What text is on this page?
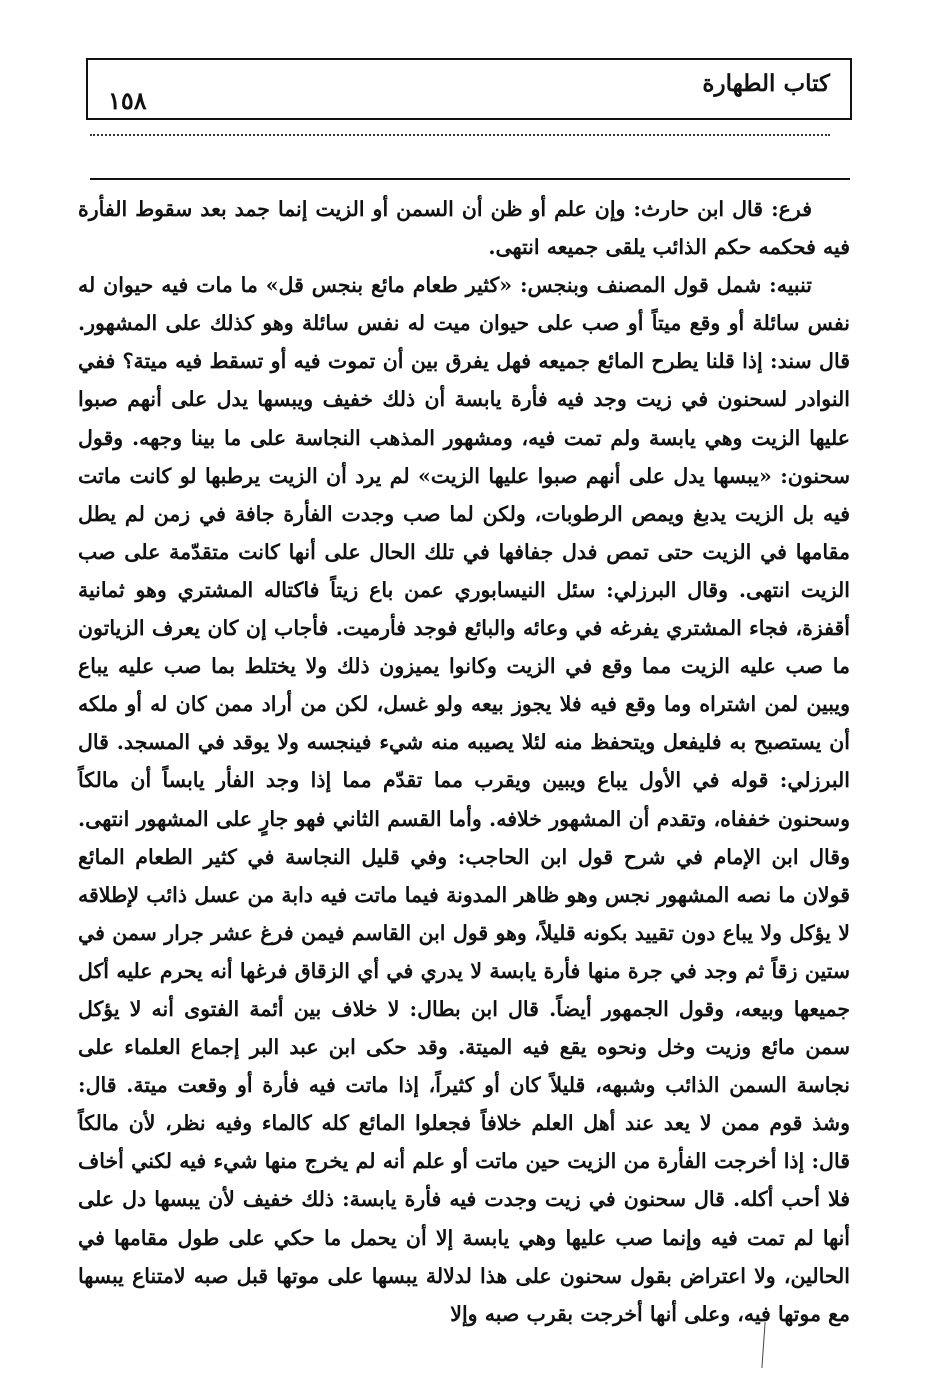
كتاب الطهارة
١٥٨

فرع: قال ابن حارث: وإن علم أو ظن أن السمن أو الزيت إنما جمد بعد سقوط الفأرة فيه فحكمه حكم الذائب يلقى جميعه انتهى.

تنبيه: شمل قول المصنف وبنجس: «كثير طعام مائع بنجس قل» ما مات فيه حيوان له نفس سائلة أو وقع ميتاً أو صب على حيوان ميت له نفس سائلة وهو كذلك على المشهور. قال سند: إذا قلنا يطرح المائع جميعه فهل يفرق بين أن تموت فيه أو تسقط فيه ميتة؟ ففي النوادر لسحنون في زيت وجد فيه فأرة يابسة أن ذلك خفيف ويبسها يدل على أنهم صبوا عليها الزيت وهي يابسة ولم تمت فيه، ومشهور المذهب النجاسة على ما بينا وجهه. وقول سحنون: «يبسها يدل على أنهم صبوا عليها الزيت» لم يرد أن الزيت يرطبها لو كانت ماتت فيه بل الزيت يدبغ ويمص الرطوبات، ولكن لما صب وجدت الفأرة جافة في زمن لم يطل مقامها في الزيت حتى تمص فدل جفافها في تلك الحال على أنها كانت متقدّمة على صب الزيت انتهى. وقال البرزلي: سئل النيسابوري عمن باع زيتاً فاكتاله المشتري وهو ثمانية أقفزة، فجاء المشتري يفرغه في وعائه والبائع فوجد فأرميت. فأجاب إن كان يعرف الزياتون ما صب عليه الزيت مما وقع في الزيت وكانوا يميزون ذلك ولا يختلط بما صب عليه يباع ويبين لمن اشتراه وما وقع فيه فلا يجوز بيعه ولو غسل، لكن من أراد ممن كان له أو ملكه أن يستصبح به فليفعل ويتحفظ منه لئلا يصيبه منه شيء فينجسه ولا يوقد في المسجد. قال البرزلي: قوله في الأول يباع ويبين ويقرب مما تقدّم مما إذا وجد الفأر يابساً أن مالكاً وسحنون خففاه، وتقدم أن المشهور خلافه. وأما القسم الثاني فهو جارٍ على المشهور انتهى. وقال ابن الإمام في شرح قول ابن الحاجب: وفي قليل النجاسة في كثير الطعام المائع قولان ما نصه المشهور نجس وهو ظاهر المدونة فيما ماتت فيه دابة من عسل ذائب لإطلاقه لا يؤكل ولا يباع دون تقييد بكونه قليلاً، وهو قول ابن القاسم فيمن فرغ عشر جرار سمن في ستين زقاً ثم وجد في جرة منها فأرة يابسة لا يدري في أي الزقاق فرغها أنه يحرم عليه أكل جميعها وبيعه، وقول الجمهور أيضاً. قال ابن بطال: لا خلاف بين أئمة الفتوى أنه لا يؤكل سمن مائع وزيت وخل ونحوه يقع فيه الميتة. وقد حكى ابن عبد البر إجماع العلماء على نجاسة السمن الذائب وشبهه، قليلاً كان أو كثيراً، إذا ماتت فيه فأرة أو وقعت ميتة. قال: وشذ قوم ممن لا يعد عند أهل العلم خلافاً فجعلوا المائع كله كالماء وفيه نظر، لأن مالكاً قال: إذا أخرجت الفأرة من الزيت حين ماتت أو علم أنه لم يخرج منها شيء فيه لكني أخاف فلا أحب أكله. قال سحنون في زيت وجدت فيه فأرة يابسة: ذلك خفيف لأن يبسها دل على أنها لم تمت فيه وإنما صب عليها وهي يابسة إلا أن يحمل ما حكي على طول مقامها في الحالين، ولا اعتراض بقول سحنون على هذا لدلالة يبسها على موتها قبل صبه لامتناع يبسها مع موتها فيه، وعلى أنها أخرجت بقرب صبه وإلا
